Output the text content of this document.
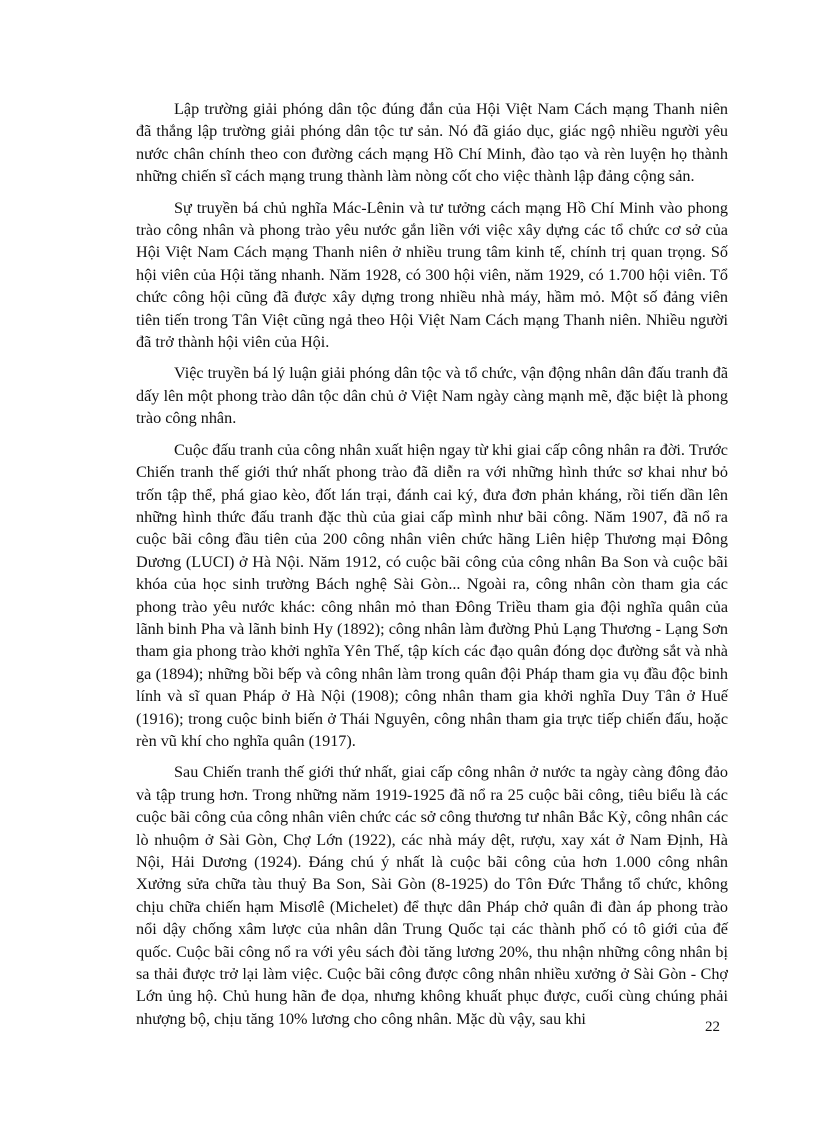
Lập trường giải phóng dân tộc đúng đắn của Hội Việt Nam Cách mạng Thanh niên đã thắng lập trường giải phóng dân tộc tư sản. Nó đã giáo dục, giác ngộ nhiều người yêu nước chân chính theo con đường cách mạng Hồ Chí Minh, đào tạo và rèn luyện họ thành những chiến sĩ cách mạng trung thành làm nòng cốt cho việc thành lập đảng cộng sản.

Sự truyền bá chủ nghĩa Mác-Lênin và tư tưởng cách mạng Hồ Chí Minh vào phong trào công nhân và phong trào yêu nước gắn liền với việc xây dựng các tổ chức cơ sở của Hội Việt Nam Cách mạng Thanh niên ở nhiều trung tâm kinh tế, chính trị quan trọng. Số hội viên của Hội tăng nhanh. Năm 1928, có 300 hội viên, năm 1929, có 1.700 hội viên. Tổ chức công hội cũng đã được xây dựng trong nhiều nhà máy, hầm mỏ. Một số đảng viên tiên tiến trong Tân Việt cũng ngả theo Hội Việt Nam Cách mạng Thanh niên. Nhiều người đã trở thành hội viên của Hội.

Việc truyền bá lý luận giải phóng dân tộc và tổ chức, vận động nhân dân đấu tranh đã dấy lên một phong trào dân tộc dân chủ ở Việt Nam ngày càng mạnh mẽ, đặc biệt là phong trào công nhân.

Cuộc đấu tranh của công nhân xuất hiện ngay từ khi giai cấp công nhân ra đời. Trước Chiến tranh thế giới thứ nhất phong trào đã diễn ra với những hình thức sơ khai như bỏ trốn tập thể, phá giao kèo, đốt lán trại, đánh cai ký, đưa đơn phản kháng, rồi tiến dần lên những hình thức đấu tranh đặc thù của giai cấp mình như bãi công. Năm 1907, đã nổ ra cuộc bãi công đầu tiên của 200 công nhân viên chức hãng Liên hiệp Thương mại Đông Dương (LUCI) ở Hà Nội. Năm 1912, có cuộc bãi công của công nhân Ba Son và cuộc bãi khóa của học sinh trường Bách nghệ Sài Gòn... Ngoài ra, công nhân còn tham gia các phong trào yêu nước khác: công nhân mỏ than Đông Triều tham gia đội nghĩa quân của lãnh binh Pha và lãnh binh Hy (1892); công nhân làm đường Phủ Lạng Thương - Lạng Sơn tham gia phong trào khởi nghĩa Yên Thế, tập kích các đạo quân đóng dọc đường sắt và nhà ga (1894); những bồi bếp và công nhân làm trong quân đội Pháp tham gia vụ đầu độc binh lính và sĩ quan Pháp ở Hà Nội (1908); công nhân tham gia khởi nghĩa Duy Tân ở Huế (1916); trong cuộc binh biến ở Thái Nguyên, công nhân tham gia trực tiếp chiến đấu, hoặc rèn vũ khí cho nghĩa quân (1917).

Sau Chiến tranh thế giới thứ nhất, giai cấp công nhân ở nước ta ngày càng đông đảo và tập trung hơn. Trong những năm 1919-1925 đã nổ ra 25 cuộc bãi công, tiêu biểu là các cuộc bãi công của công nhân viên chức các sở công thương tư nhân Bắc Kỳ, công nhân các lò nhuộm ở Sài Gòn, Chợ Lớn (1922), các nhà máy dệt, rượu, xay xát ở Nam Định, Hà Nội, Hải Dương (1924). Đáng chú ý nhất là cuộc bãi công của hơn 1.000 công nhân Xưởng sửa chữa tàu thuỷ Ba Son, Sài Gòn (8-1925) do Tôn Đức Thắng tổ chức, không chịu chữa chiến hạm Misơlê (Michelet) để thực dân Pháp chở quân đi đàn áp phong trào nổi dậy chống xâm lược của nhân dân Trung Quốc tại các thành phố có tô giới của đế quốc. Cuộc bãi công nổ ra với yêu sách đòi tăng lương 20%, thu nhận những công nhân bị sa thải được trở lại làm việc. Cuộc bãi công được công nhân nhiều xưởng ở Sài Gòn - Chợ Lớn ủng hộ. Chủ hung hãn đe dọa, nhưng không khuất phục được, cuối cùng chúng phải nhượng bộ, chịu tăng 10% lương cho công nhân. Mặc dù vậy, sau khi	22
